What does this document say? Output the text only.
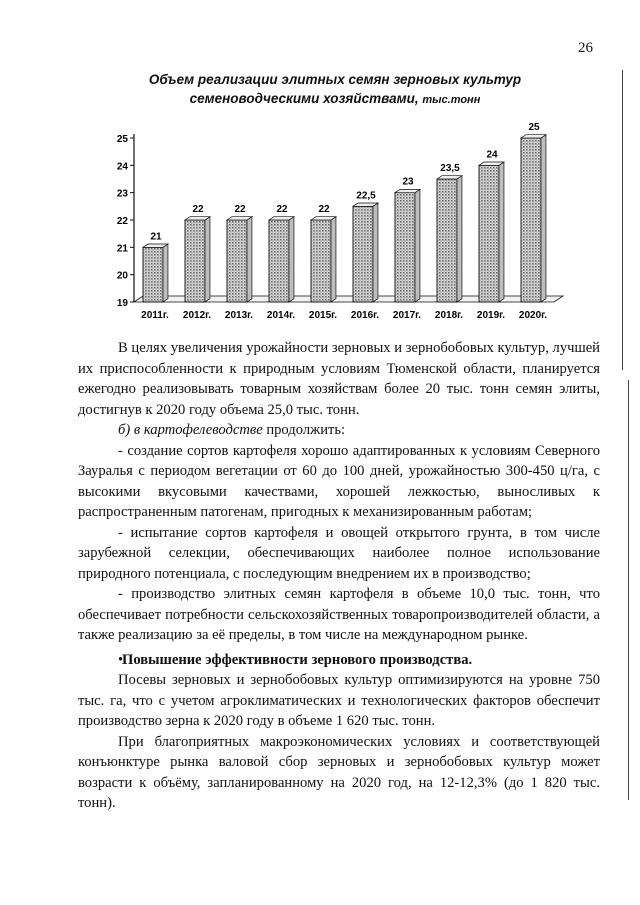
26
Объем реализации элитных семян зерновых культур
семеноводческими хозяйствами, тыс.тонн
19
20
21
22
23
24
25
21
2011г.
22
2012г.
22
2013г.
22
2014г.
22
2015г.
22,5
2016г.
23
2017г.
23,5
2018г.
24
2019г.
25
2020г.

В целях увеличения урожайности зерновых и зернобобовых культур, лучшей их приспособленности к природным условиям Тюменской области, планируется ежегодно реализовывать товарным хозяйствам более 20 тыс. тонн семян элиты, достигнув к 2020 году объема 25,0 тыс. тонн.

б) в картофелеводстве продолжить:

- создание сортов картофеля хорошо адаптированных к условиям Северного Зауралья с периодом вегетации от 60 до 100 дней, урожайностью 300-450 ц/га, с высокими вкусовыми качествами, хорошей лежкостью, выносливых к распространенным патогенам, пригодных к механизированным работам;

- испытание сортов картофеля и овощей открытого грунта, в том числе зарубежной селекции, обеспечивающих наиболее полное использование природного потенциала, с последующим внедрением их в производство;

- производство элитных семян картофеля в объеме 10,0 тыс. тонн, что обеспечивает потребности сельскохозяйственных товаропроизводителей области, а также реализацию за её пределы, в том числе на международном рынке.

•Повышение эффективности зернового производства.

Посевы зерновых и зернобобовых культур оптимизируются на уровне 750 тыс. га, что с учетом агроклиматических и технологических факторов обеспечит производство зерна к 2020 году в объеме 1 620 тыс. тонн.

При благоприятных макроэкономических условиях и соответствующей конъюнктуре рынка валовой сбор зерновых и зернобобовых культур может возрасти к объёму, запланированному на 2020 год, на 12-12,3% (до 1 820 тыс. тонн).
